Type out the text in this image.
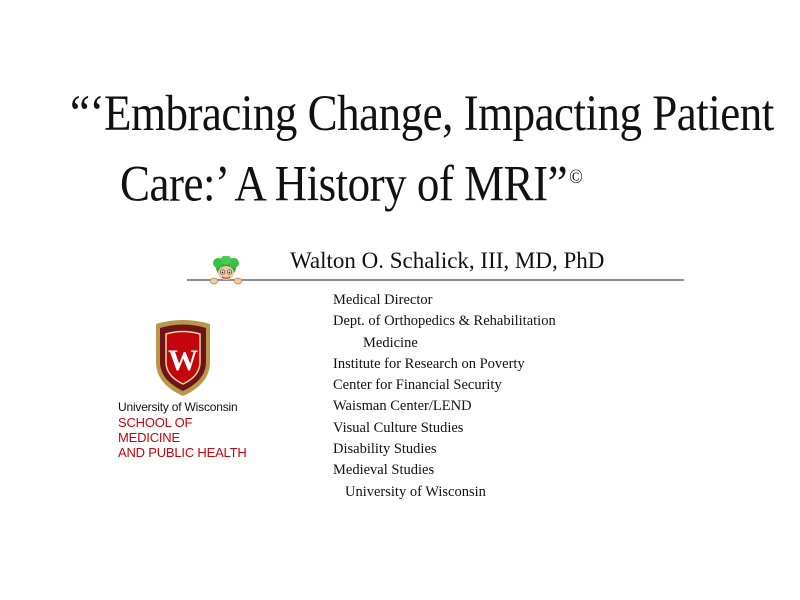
“‘Embracing Change, Impacting Patient
Care:’ A History of MRI” ©
Walton O. Schalick, III, MD, PhD
Medical Director
Dept. of Orthopedics & Rehabilitation
Medicine
Institute for Research on Poverty
Center for Financial Security
Waisman Center/LEND
Visual Culture Studies
Disability Studies
Medieval Studies
University of Wisconsin
W
University of Wisconsin
SCHOOL OF MEDICINE
AND PUBLIC HEALTH
